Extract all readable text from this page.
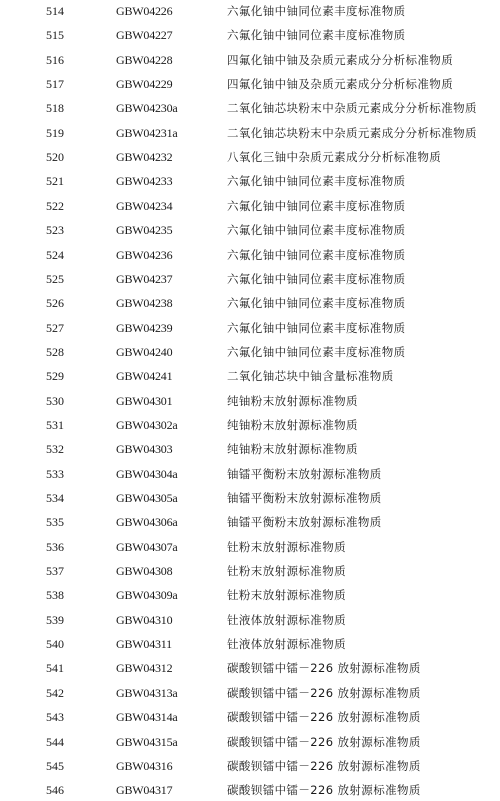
514	GBW04226	六氟化铀中铀同位素丰度标准物质
515	GBW04227	六氟化铀中铀同位素丰度标准物质
516	GBW04228	四氟化铀中铀及杂质元素成分分析标准物质
517	GBW04229	四氟化铀中铀及杂质元素成分分析标准物质
518	GBW04230a	二氧化铀芯块粉末中杂质元素成分分析标准物质
519	GBW04231a	二氧化铀芯块粉末中杂质元素成分分析标准物质
520	GBW04232	八氧化三铀中杂质元素成分分析标准物质
521	GBW04233	六氟化铀中铀同位素丰度标准物质
522	GBW04234	六氟化铀中铀同位素丰度标准物质
523	GBW04235	六氟化铀中铀同位素丰度标准物质
524	GBW04236	六氟化铀中铀同位素丰度标准物质
525	GBW04237	六氟化铀中铀同位素丰度标准物质
526	GBW04238	六氟化铀中铀同位素丰度标准物质
527	GBW04239	六氟化铀中铀同位素丰度标准物质
528	GBW04240	六氟化铀中铀同位素丰度标准物质
529	GBW04241	二氧化铀芯块中铀含量标准物质
530	GBW04301	纯铀粉末放射源标准物质
531	GBW04302a	纯铀粉末放射源标准物质
532	GBW04303	纯铀粉末放射源标准物质
533	GBW04304a	铀镭平衡粉末放射源标准物质
534	GBW04305a	铀镭平衡粉末放射源标准物质
535	GBW04306a	铀镭平衡粉末放射源标准物质
536	GBW04307a	钍粉末放射源标准物质
537	GBW04308	钍粉末放射源标准物质
538	GBW04309a	钍粉末放射源标准物质
539	GBW04310	钍液体放射源标准物质
540	GBW04311	钍液体放射源标准物质
541	GBW04312	碳酸钡镭中镭－226 放射源标准物质
542	GBW04313a	碳酸钡镭中镭－226 放射源标准物质
543	GBW04314a	碳酸钡镭中镭－226 放射源标准物质
544	GBW04315a	碳酸钡镭中镭－226 放射源标准物质
545	GBW04316	碳酸钡镭中镭－226 放射源标准物质
546	GBW04317	碳酸钡镭中镭－226 放射源标准物质
